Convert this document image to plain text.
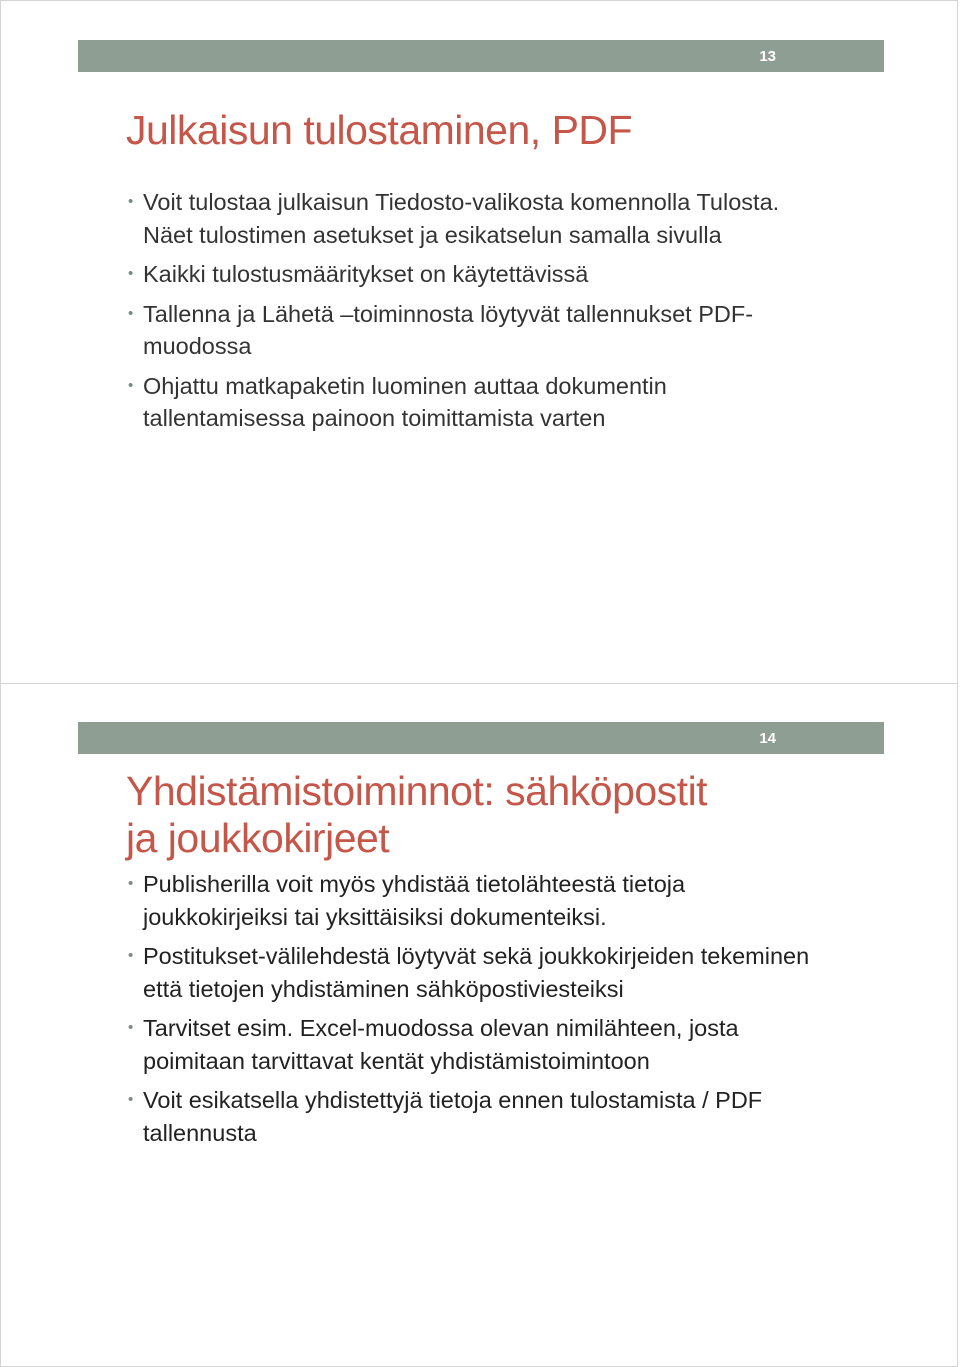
13
Julkaisun tulostaminen, PDF
• Voit tulostaa julkaisun Tiedosto-valikosta komennolla Tulosta. Näet tulostimen asetukset ja esikatselun samalla sivulla
• Kaikki tulostusmääritykset on käytettävissä
• Tallenna ja Lähetä –toiminnosta löytyvät tallennukset PDF-muodossa
• Ohjattu matkapaketin luominen auttaa dokumentin tallentamisessa painoon toimittamista varten
14
Yhdistämistoiminnot: sähköpostit ja joukkokirjeet
• Publisherilla voit myös yhdistää tietolähteestä tietoja joukkokirjeiksi tai yksittäisiksi dokumenteiksi.
• Postitukset-välilehdestä löytyvät sekä joukkokirjeiden tekeminen että tietojen yhdistäminen sähköpostiviesteiksi
• Tarvitset esim. Excel-muodossa olevan nimilähteen, josta poimitaan tarvittavat kentät yhdistämistoimintoon
• Voit esikatsella yhdistettyjä tietoja ennen tulostamista / PDF tallennusta
